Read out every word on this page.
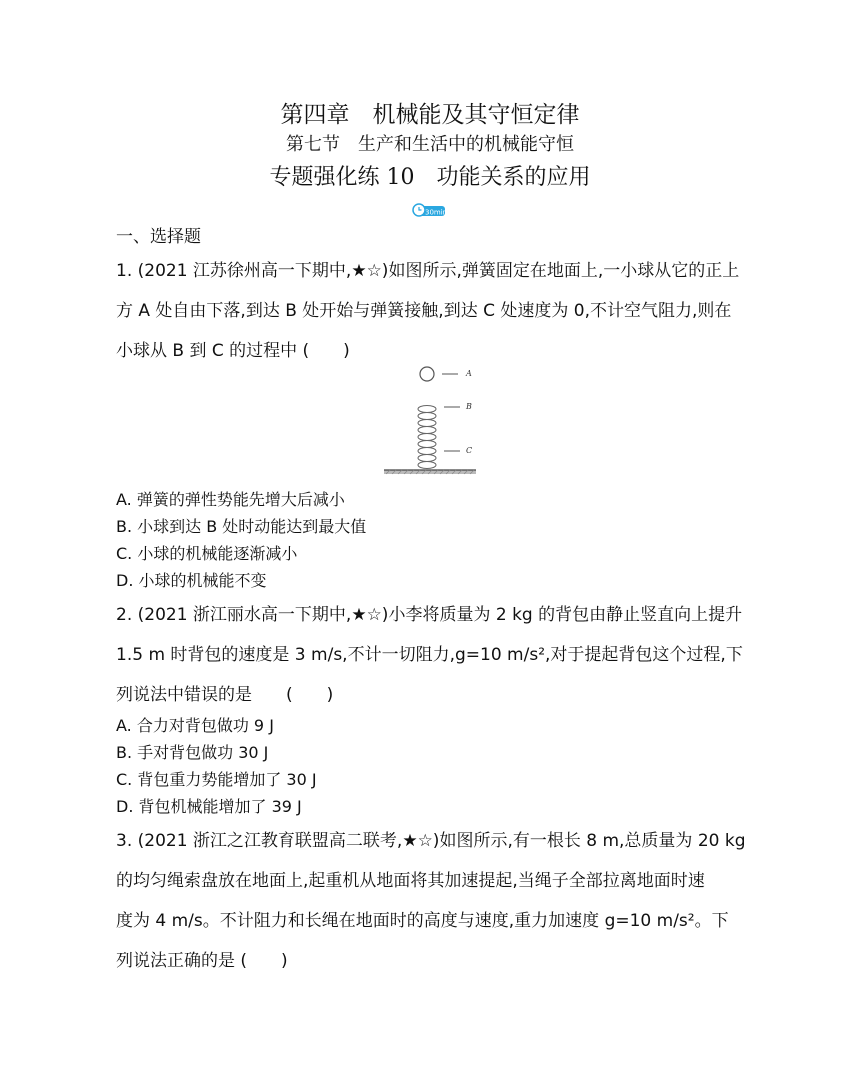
第四章　机械能及其守恒定律
第七节　生产和生活中的机械能守恒
专题强化练 10　功能关系的应用
30min
一、选择题
1. (2021 江苏徐州高一下期中,★☆)如图所示,弹簧固定在地面上,一小球从它的正上
方 A 处自由下落,到达 B 处开始与弹簧接触,到达 C 处速度为 0,不计空气阻力,则在
小球从 B 到 C 的过程中 (　　)
A
B
C
A. 弹簧的弹性势能先增大后减小
B. 小球到达 B 处时动能达到最大值
C. 小球的机械能逐渐减小
D. 小球的机械能不变
2. (2021 浙江丽水高一下期中,★☆)小李将质量为 2 kg 的背包由静止竖直向上提升
1.5 m 时背包的速度是 3 m/s,不计一切阻力,g=10 m/s²,对于提起背包这个过程,下
列说法中错误的是　　(　　)
A. 合力对背包做功 9 J
B. 手对背包做功 30 J
C. 背包重力势能增加了 30 J
D. 背包机械能增加了 39 J
3. (2021 浙江之江教育联盟高二联考,★☆)如图所示,有一根长 8 m,总质量为 20 kg
的均匀绳索盘放在地面上,起重机从地面将其加速提起,当绳子全部拉离地面时速
度为 4 m/s。不计阻力和长绳在地面时的高度与速度,重力加速度 g=10 m/s²。下
列说法正确的是 (　　)
